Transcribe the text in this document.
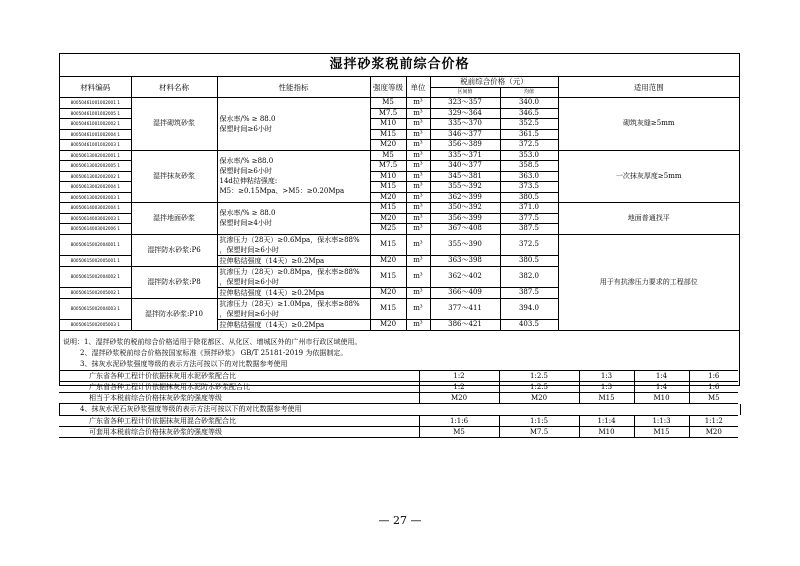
湿拌砂浆税前综合价格
材料编码	材料名称	性能指标	强度等级	单位	税前综合价格（元）		适用范围
					区间值	均值	
80050461001002001 1	湿拌砌筑砂浆	保水率/% ≥ 88.0
保塑时间≥6小时	M5	m³	323～357	340.0	砌筑灰缝≥5mm
80050461001002005 1			M7.5	m³	329～364	346.5	
80050461001002002 1			M10	m³	335～370	352.5	
80050461001002004 1			M15	m³	346～377	361.5	
80050461001002003 1			M20	m³	356～389	372.5	
80050613002002001 1	湿拌抹灰砂浆	保水率/% ≥88.0
保塑时间≥6小时
14d拉伸粘结强度:
M5：≥0.15Mpa、>M5：≥0.20Mpa	M5	m³	335～371	353.0	一次抹灰厚度≥5mm
80050613002002005 1			M7.5	m³	340～377	358.5	
80050613002002002 1			M10	m³	345～381	363.0	
80050613002002004 1			M15	m³	355～392	373.5	
80050613002002003 1			M20	m³	362～399	380.5	
80050614003002004 1	湿拌地面砂浆	保水率/% ≥ 88.0
保塑时间≥4小时	M15	m³	350～392	371.0	地面普通找平
80050614003002003 1			M20	m³	356～399	377.5	
80050614003002006 1			M25	m³	367～408	387.5	
80050615002004001 1	湿拌防水砂浆:P6	抗渗压力（28天）≥0.6Mpa，保水率≥88%
，保塑时间≥6小时	M15	m³	355～390	372.5	用于有抗渗压力要求的工程部位
80050615002005001 1		拉伸粘结强度（14天）≥0.2Mpa	M20	m³	363～398	380.5	
80050615002004002 1	湿拌防水砂浆:P8	抗渗压力（28天）≥0.8Mpa，保水率≥88%
，保塑时间≥6小时	M15	m³	362～402	382.0	
80050615002005002 1		拉伸粘结强度（14天）≥0.2Mpa	M20	m³	366～409	387.5	
80050615002004003 1	湿拌防水砂浆:P10	抗渗压力（28天）≥1.0Mpa，保水率≥88%
，保塑时间≥6小时	M15	m³	377～411	394.0	
80050615002005003 1		拉伸粘结强度（14天）≥0.2Mpa	M20	m³	386～421	403.5	
说明：1、湿拌砂浆的税前综合价格适用于除花都区、从化区、增城区外的广州市行政区域使用。
2、湿拌砂浆税前综合价格按国家标准《预拌砂浆》 GB/T 25181-2019 为依据制定。
3、抹灰水泥砂浆强度等级的表示方法可按以下的对比数据参考使用
广东省各种工程计价依据抹灰用水泥砂浆配合比	1:2	1:2.5	1:3	1:4	1:6
广东省各种工程计价依据抹灰用水泥防水砂浆配合比	1:2	1:2.5	1:3	1:4	1:6
相当于本税前综合价格抹灰砂浆的强度等级	M20	M20	M15	M10	M5
4、抹灰水泥石灰砂浆强度等级的表示方法可按以下的对比数据参考使用
广东省各种工程计价依据抹灰用混合砂浆配合比	1:1:6	1:1:5	1:1:4	1:1:3	1:1:2
可套用本税前综合价格抹灰砂浆的强度等级	M5	M7.5	M10	M15	M20
— 27 —
